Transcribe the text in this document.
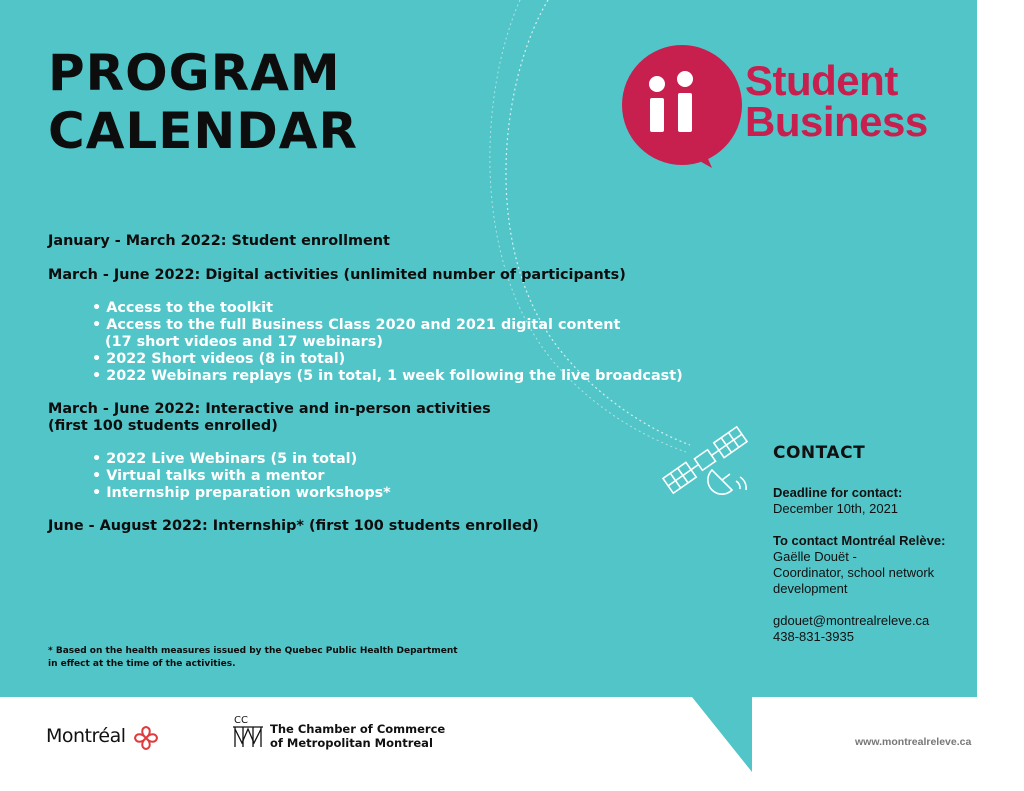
PROGRAM
CALENDAR
Student
Business
January - March 2022: Student enrollment
March - June 2022: Digital activities (unlimited number of participants)
• Access to the toolkit
• Access to the full Business Class 2020 and 2021 digital content
(17 short videos and 17 webinars)
• 2022 Short videos (8 in total)
• 2022 Webinars replays (5 in total, 1 week following the live broadcast)
March - June 2022: Interactive and in-person activities
(first 100 students enrolled)
• 2022 Live Webinars (5 in total)
• Virtual talks with a mentor
• Internship preparation workshops*
June - August 2022: Internship* (first 100 students enrolled)
* Based on the health measures issued by the Quebec Public Health Department
in effect at the time of the activities.
CONTACT
Deadline for contact:
December 10th, 2021
To contact Montréal Relève:
Gaëlle Douët -
Coordinator, school network
development
gdouet@montrealreleve.ca
438-831-3935
Montréal
CC
The Chamber of Commerce
of Metropolitan Montreal	www.montrealreleve.ca
